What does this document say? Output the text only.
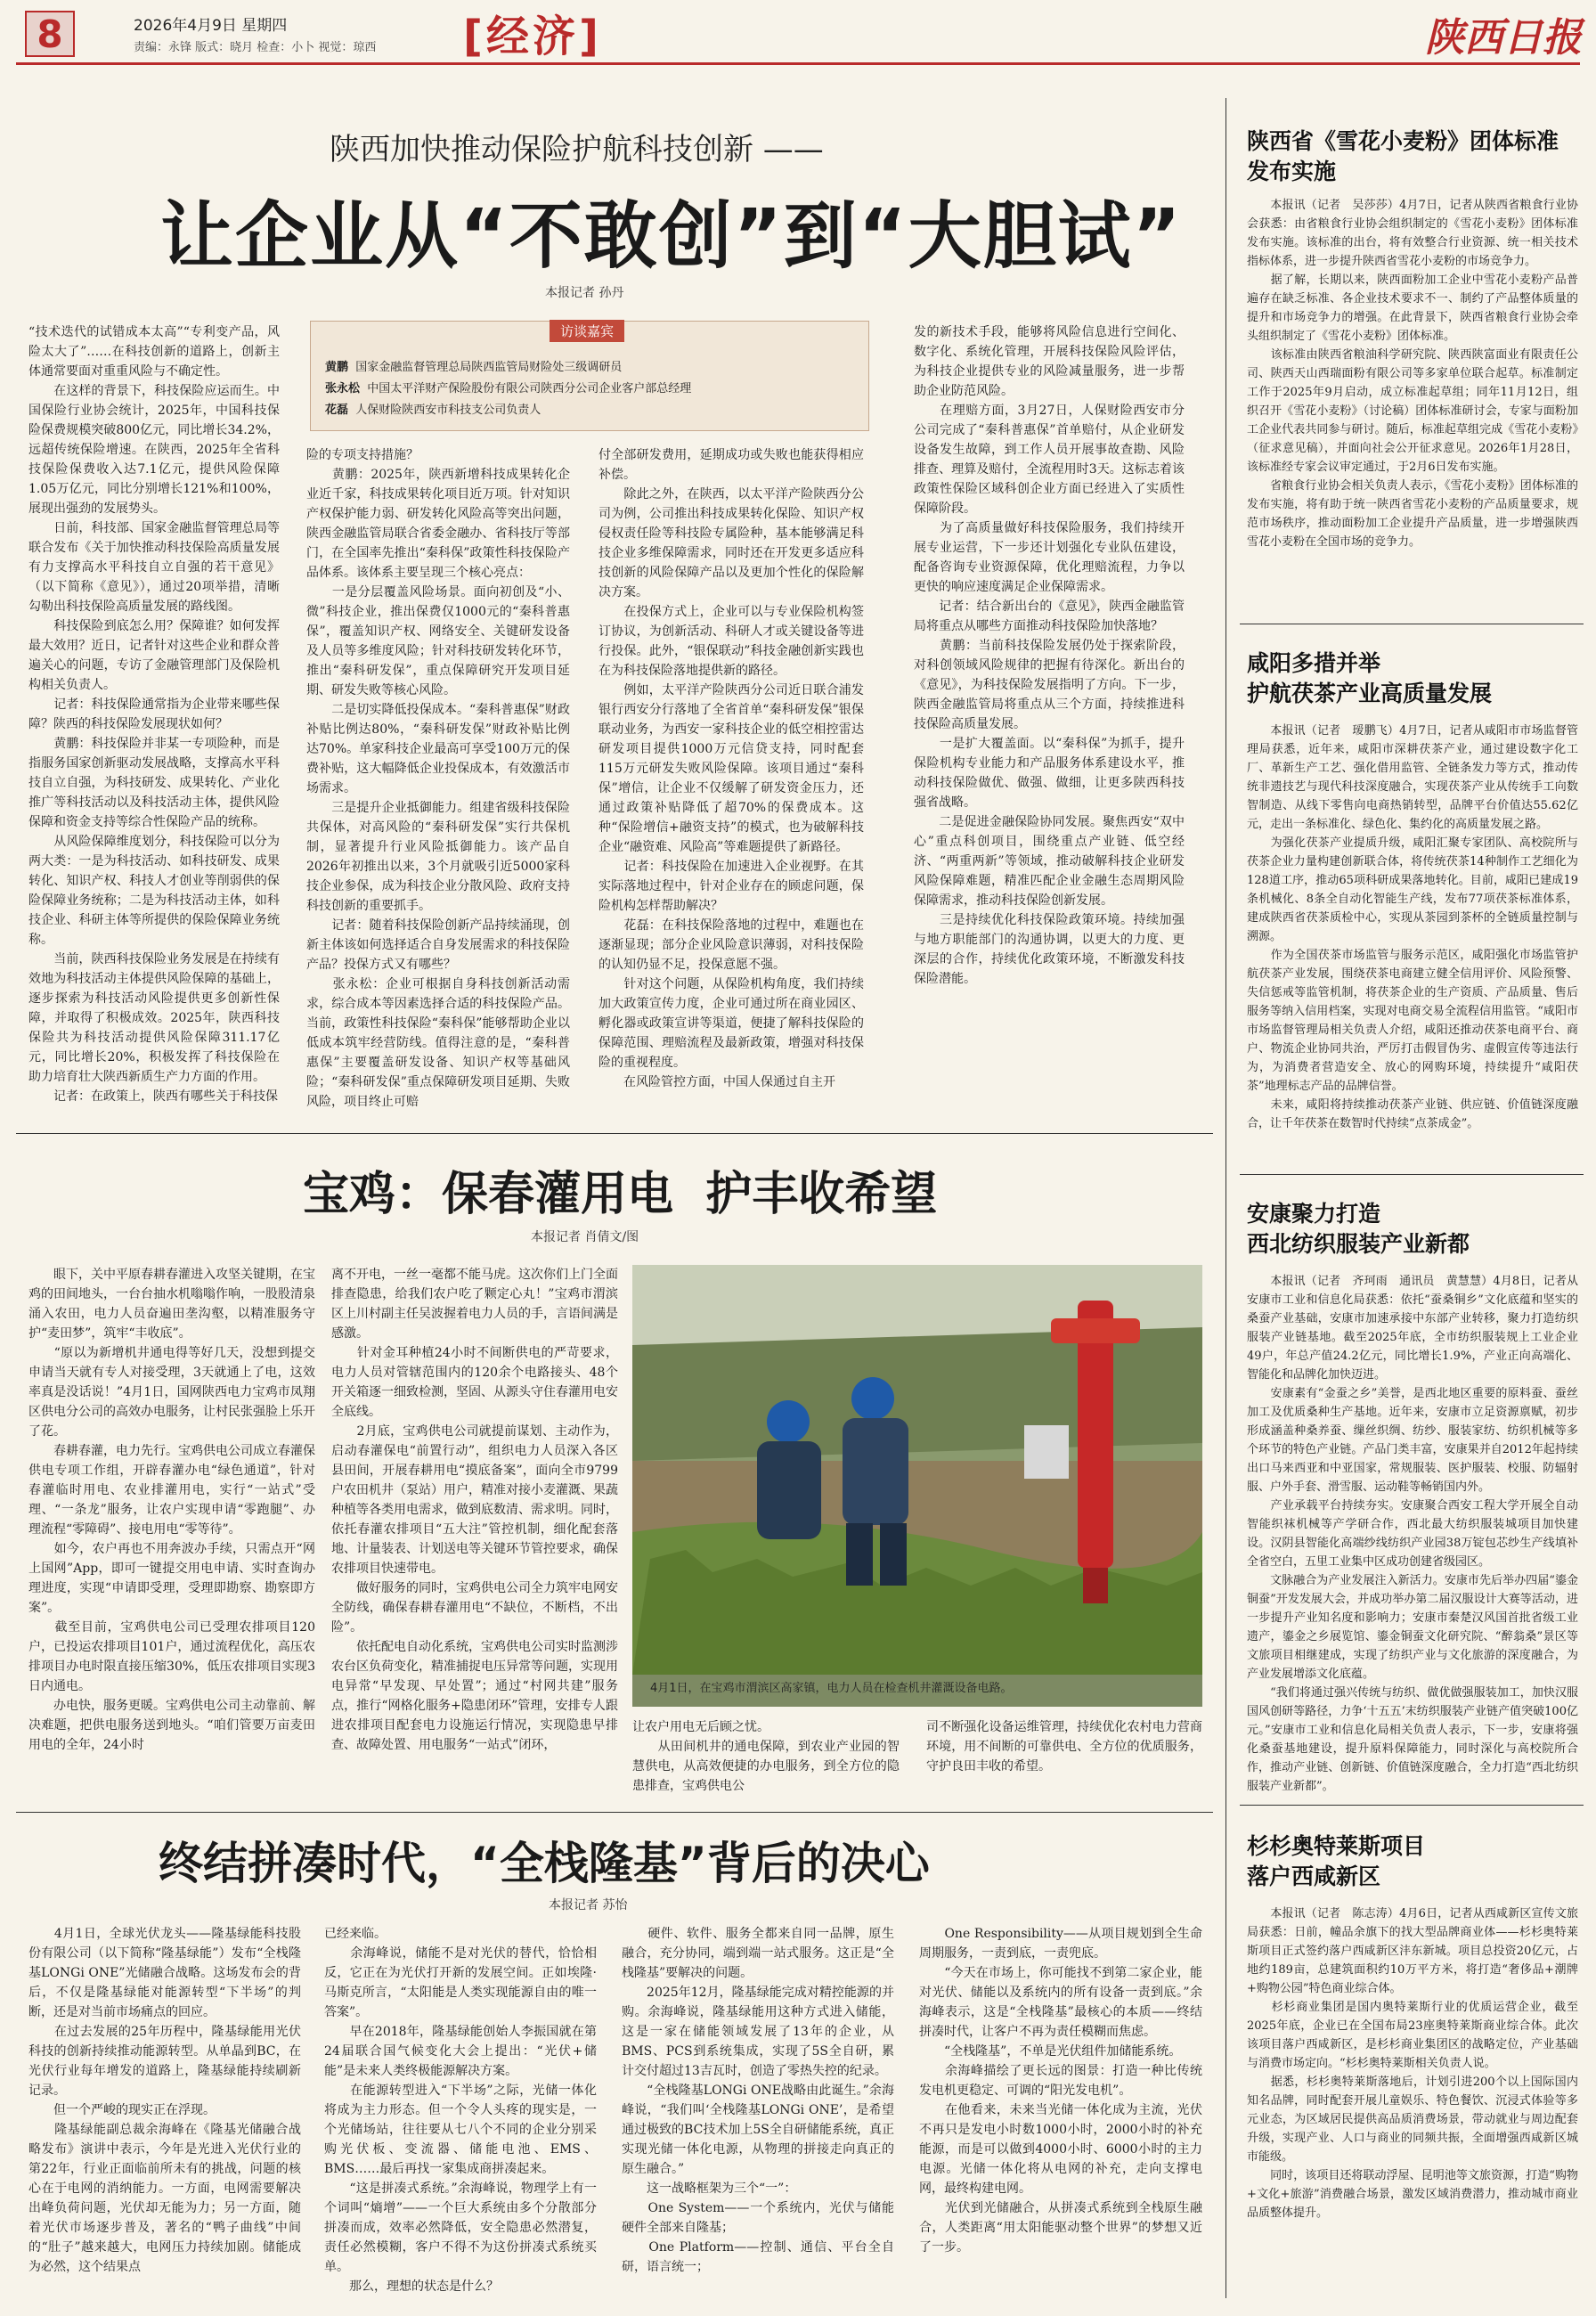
8	2026年4月9日 星期四
责编：永锋 版式：晓月 检查：小卜 视觉：琼西 [经济]	陕西日报
陕西加快推动保险护航科技创新 ——
让企业从“不敢创”到“大胆试”
本报记者 孙丹
“技术迭代的试错成本太高”“专利变产品，风险太大了”……在科技创新的道路上，创新主体通常要面对重重风险与不确定性。
　　在这样的背景下，科技保险应运而生。中国保险行业协会统计，2025年，中国科技保险保费规模突破800亿元，同比增长34.2%，远超传统保险增速。在陕西，2025年全省科技保险保费收入达7.1亿元，提供风险保障1.05万亿元，同比分别增长121%和100%，展现出强劲的发展势头。
　　日前，科技部、国家金融监督管理总局等联合发布《关于加快推动科技保险高质量发展　有力支撑高水平科技自立自强的若干意见》（以下简称《意见》），通过20项举措，清晰勾勒出科技保险高质量发展的路线图。
　　科技保险到底怎么用？保障谁？如何发挥最大效用？近日，记者针对这些企业和群众普遍关心的问题，专访了金融管理部门及保险机构相关负责人。
　　记者：科技保险通常指为企业带来哪些保障？陕西的科技保险发展现状如何？
　　黄鹏：科技保险并非某一专项险种，而是指服务国家创新驱动发展战略，支撑高水平科技自立自强，为科技研发、成果转化、产业化推广等科技活动以及科技活动主体，提供风险保障和资金支持等综合性保险产品的统称。
　　从风险保障维度划分，科技保险可以分为两大类：一是为科技活动、如科技研发、成果转化、知识产权、科技人才创业等削弱供的保险保障业务统称；二是为科技活动主体，如科技企业、科研主体等所提供的保险保障业务统称。
　　当前，陕西科技保险业务发展是在持续有效地为科技活动主体提供风险保障的基础上，逐步探索为科技活动风险提供更多创新性保障，并取得了积极成效。2025年，陕西科技保险共为科技活动提供风险保障311.17亿元，同比增长20%，积极发挥了科技保险在助力培育壮大陕西新质生产力方面的作用。
　　记者：在政策上，陕西有哪些关于科技保
访谈嘉宾
黄鹏 国家金融监督管理总局陕西监管局财险处三级调研员
张永松 中国太平洋财产保险股份有限公司陕西分公司企业客户部总经理
花磊 人保财险陕西安市科技支公司负责人
险的专项支持措施？
　　黄鹏：2025年，陕西新增科技成果转化企业近千家，科技成果转化项目近万项。针对知识产权保护能力弱、研发转化风险高等突出问题，陕西金融监管局联合省委金融办、省科技厅等部门，在全国率先推出“秦科保”政策性科技保险产品体系。该体系主要呈现三个核心亮点：
　　一是分层覆盖风险场景。面向初创及“小、微”科技企业，推出保费仅1000元的“秦科普惠保”，覆盖知识产权、网络安全、关键研发设备及人员等多维度风险；针对科技研发转化环节，推出“秦科研发保”，重点保障研究开发项目延期、研发失败等核心风险。
　　二是切实降低投保成本。“秦科普惠保”财政补贴比例达80%，“秦科研发保”财政补贴比例达70%。单家科技企业最高可享受100万元的保费补贴，这大幅降低企业投保成本，有效激活市场需求。
　　三是提升企业抵御能力。组建省级科技保险共保体，对高风险的“秦科研发保”实行共保机制，显著提升行业风险抵御能力。该产品自2026年初推出以来，3个月就吸引近5000家科技企业参保，成为科技企业分散风险、政府支持科技创新的重要抓手。
　　记者：随着科技保险创新产品持续涌现，创新主体该如何选择适合自身发展需求的科技保险产品？投保方式又有哪些？
　　张永松：企业可根据自身科技创新活动需求，综合成本等因素选择合适的科技保险产品。当前，政策性科技保险“秦科保”能够帮助企业以低成本筑牢经营防线。值得注意的是，“秦科普惠保”主要覆盖研发设备、知识产权等基础风险；“秦科研发保”重点保障研发项目延期、失败风险，项目终止可赔
付全部研发费用，延期成功或失败也能获得相应补偿。
　　除此之外，在陕西，以太平洋产险陕西分公司为例，公司推出科技成果转化保险、知识产权侵权责任险等科技险专属险种，基本能够满足科技企业多维保障需求，同时还在开发更多适应科技创新的风险保障产品以及更加个性化的保险解决方案。
　　在投保方式上，企业可以与专业保险机构签订协议，为创新活动、科研人才或关键设备等进行投保。此外，“银保联动”科技金融创新实践也在为科技保险落地提供新的路径。
　　例如，太平洋产险陕西分公司近日联合浦发银行西安分行落地了全省首单“秦科研发保”银保联动业务，为西安一家科技企业的低空相控雷达研发项目提供1000万元信贷支持，同时配套115万元研发失败风险保障。该项目通过“秦科保”增信，让企业不仅缓解了研发资金压力，还通过政策补贴降低了超70%的保费成本。这种“保险增信+融资支持”的模式，也为破解科技企业“融资难、风险高”等难题提供了新路径。
　　记者：科技保险在加速进入企业视野。在其实际落地过程中，针对企业存在的顾虑问题，保险机构怎样帮助解决？
　　花磊：在科技保险落地的过程中，难题也在逐渐显现；部分企业风险意识薄弱，对科技保险的认知仍显不足，投保意愿不强。
　　针对这个问题，从保险机构角度，我们持续加大政策宣传力度，企业可通过所在商业园区、孵化器或政策宣讲等渠道，便捷了解科技保险的保障范围、理赔流程及最新政策，增强对科技保险的重视程度。
　　在风险管控方面，中国人保通过自主开
发的新技术手段，能够将风险信息进行空间化、数字化、系统化管理，开展科技保险风险评估，为科技企业提供专业的风险减量服务，进一步帮助企业防范风险。
　　在理赔方面，3月27日，人保财险西安市分公司完成了“秦科普惠保”首单赔付，从企业研发设备发生故障，到工作人员开展事故查勘、风险排查、理算及赔付，全流程用时3天。这标志着该政策性保险区域科创企业方面已经进入了实质性保障阶段。
　　为了高质量做好科技保险服务，我们持续开展专业运营，下一步还计划强化专业队伍建设，配备咨询专业资源保障，优化理赔流程，力争以更快的响应速度满足企业保障需求。
　　记者：结合新出台的《意见》，陕西金融监管局将重点从哪些方面推动科技保险加快落地？
　　黄鹏：当前科技保险发展仍处于探索阶段，对科创领域风险规律的把握有待深化。新出台的《意见》，为科技保险发展指明了方向。下一步，陕西金融监管局将重点从三个方面，持续推进科技保险高质量发展。
　　一是扩大覆盖面。以“秦科保”为抓手，提升保险机构专业能力和产品服务体系建设水平，推动科技保险做优、做强、做细，让更多陕西科技强省战略。
　　二是促进金融保险协同发展。聚焦西安“双中心”重点科创项目，围绕重点产业链、低空经济、“两重两新”等领域，推动破解科技企业研发风险保障难题，精准匹配企业金融生态周期风险保障需求，推动科技保险创新发展。
　　三是持续优化科技保险政策环境。持续加强与地方职能部门的沟通协调，以更大的力度、更深层的合作，持续优化政策环境，不断激发科技保险潜能。
陕西省《雪花小麦粉》团体标准发布实施
　　本报讯（记者　吴莎莎）4月7日，记者从陕西省粮食行业协会获悉：由省粮食行业协会组织制定的《雪花小麦粉》团体标准发布实施。该标准的出台，将有效整合行业资源、统一相关技术指标体系，进一步提升陕西省雪花小麦粉的市场竞争力。
　　据了解，长期以来，陕西面粉加工企业中雪花小麦粉产品普遍存在缺乏标准、各企业技术要求不一、制约了产品整体质量的提升和市场竞争力的增强。在此背景下，陕西省粮食行业协会牵头组织制定了《雪花小麦粉》团体标准。
　　该标准由陕西省粮油科学研究院、陕西陕富面业有限责任公司、陕西天山西瑞面粉有限公司等多家单位联合起草。标准制定工作于2025年9月启动，成立标准起草组；同年11月12日，组织召开《雪花小麦粉》（讨论稿）团体标准研讨会，专家与面粉加工企业代表共同参与研讨。随后，标准起草组完成《雪花小麦粉》（征求意见稿），并面向社会公开征求意见。2026年1月28日，该标准经专家会议审定通过，于2月6日发布实施。
　　省粮食行业协会相关负责人表示，《雪花小麦粉》团体标准的发布实施，将有助于统一陕西省雪花小麦粉的产品质量要求，规范市场秩序，推动面粉加工企业提升产品质量，进一步增强陕西雪花小麦粉在全国市场的竞争力。
咸阳多措并举
护航茯茶产业高质量发展
　　本报讯（记者　瑷鹏飞）4月7日，记者从咸阳市市场监督管理局获悉，近年来，咸阳市深耕茯茶产业，通过建设数字化工厂、革新生产工艺、强化借用监管、全链条发力等方式，推动传统非遗技艺与现代科技深度融合，实现茯茶产业从传统手工向数智制造、从线下零售向电商热销转型，品牌平台价值达55.62亿元，走出一条标准化、绿色化、集约化的高质量发展之路。
　　为强化茯茶产业提质升级，咸阳汇聚专家团队、高校院所与茯茶企业力量构建创新联合体，将传统茯茶14种制作工艺细化为128道工序，推动65项科研成果落地转化。目前，咸阳已建成19条机械化、8条全自动化智能生产线，发布77项茯茶标准体系，建成陕西省茯茶质检中心，实现从茶园到茶杯的全链质量控制与溯源。
　　作为全国茯茶市场监管与服务示范区，咸阳强化市场监管护航茯茶产业发展，围绕茯茶电商建立健全信用评价、风险预警、失信惩戒等监管机制，将茯茶企业的生产资质、产品质量、售后服务等纳入信用档案，实现对电商交易全流程信用监管。“咸阳市市场监督管理局相关负责人介绍，咸阳还推动茯茶电商平台、商户、物流企业协同共治，严厉打击假冒伪劣、虚假宣传等违法行为，为消费者营造安全、放心的网购环境，持续提升“咸阳茯茶”地理标志产品的品牌信誉。
　　未来，咸阳将持续推动茯茶产业链、供应链、价值链深度融合，让千年茯茶在数智时代持续“点茶成金”。
安康聚力打造
西北纺织服装产业新都
　　本报讯（记者　齐珂雨　通讯员　黄慧慧）4月8日，记者从安康市工业和信息化局获悉：依托“蚕桑铜乡”文化底蕴和坚实的桑蚕产业基础，安康市加速承接中东部产业转移，聚力打造纺织服装产业链基地。截至2025年底，全市纺织服装规上工业企业49户，年总产值24.2亿元，同比增长1.9%，产业正向高端化、智能化和品牌化加快迈进。
　　安康素有“金蚕之乡”美誉，是西北地区重要的原料蚕、蚕丝加工及优质桑种生产基地。近年来，安康市立足资源禀赋，初步形成涵盖种桑养蚕、缫丝织绸、纺纱、服装家纺、纺织机械等多个环节的特色产业链。产品门类丰富，安康果并自2012年起持续出口马来西亚和中亚国家，常规服装、医护服装、校服、防辐射服、户外手套、滑雪服、运动鞋等畅销国内外。
　　产业承载平台持续夯实。安康聚合西安工程大学开展全自动智能织袜机械等产学研合作，西北最大纺织服装城项目加快建设。汉阴县智能化高端纱线纺织产业园38万锭包芯纱生产线填补全省空白，五里工业集中区成功创建省级园区。
　　文脉融合为产业发展注入新活力。安康市先后举办四届“鎏金铜蚕”开发发展大会，并成功举办第二届汉服设计大赛等活动，进一步提升产业知名度和影响力；安康市秦楚汉风国首批省级工业遗产，鎏金之乡展览馆、鎏金铜蚕文化研究院、“醉翁桑”景区等文旅项目相继建成，实现了纺织产业与文化旅游的深度融合，为产业发展增添文化底蕴。
　　“我们将通过强兴传统与纺织、做优做强服装加工，加快汉服国风创研等路径，力争‘十五五’末纺织服装产业链产值突破100亿元。”安康市工业和信息化局相关负责人表示，下一步，安康将强化桑蚕基地建设，提升原料保障能力，同时深化与高校院所合作，推动产业链、创新链、价值链深度融合，全力打造“西北纺织服装产业新都”。
杉杉奥特莱斯项目
落户西咸新区
　　本报讯（记者　陈志涛）4月6日，记者从西咸新区宣传文旅局获悉：日前，幢品余旗下的找大型品牌商业体——杉杉奥特莱斯项目正式签约落户西咸新区沣东新城。项目总投资20亿元，占地约189亩，总建筑面积约10万平方米，将打造“奢侈品+潮牌+购物公园”特色商业综合体。
　　杉杉商业集团是国内奥特莱斯行业的优质运营企业，截至2025年底，企业已在全国布局23座奥特莱斯商业综合体。此次该项目落户西咸新区，是杉杉商业集团区的战略定位，产业基础与消费市场定向。“杉杉奥特莱斯相关负责人说。
　　据悉，杉杉奥特莱斯落地后，计划引进200个以上国际国内知名品牌，同时配套开展儿童娱乐、特色餐饮、沉浸式体验等多元业态，为区域居民提供高品质消费场景，带动就业与周边配套升级，实现产业、人口与商业的同频共振，全面增强西咸新区城市能级。
　　同时，该项目还将联动浮屋、昆明池等文旅资源，打造“购物+文化+旅游”消费融合场景，激发区域消费潜力，推动城市商业品质整体提升。
宝鸡：保春灌用电  护丰收希望
本报记者 肖倩文/图
　　眼下，关中平原春耕春灌进入攻坚关键期，在宝鸡的田间地头，一台台抽水机嗡嗡作响，一股股清泉涌入农田，电力人员奋遍田垄沟壑，以精准服务守护“麦田梦”，筑牢“丰收底”。
　　“原以为新增机井通电得等好几天，没想到提交申请当天就有专人对接受理，3天就通上了电，这效率真是没话说！”4月1日，国网陕西电力宝鸡市凤翔区供电分公司的高效办电服务，让村民张强脸上乐开了花。
　　春耕春灌，电力先行。宝鸡供电公司成立春灌保供电专项工作组，开辟春灌办电“绿色通道”，针对春灌临时用电、农业排灌用电，实行“一站式”受理、“一条龙”服务，让农户实现申请“零跑腿”、办理流程“零障碍”、接电用电“零等待”。
　　如今，农户再也不用奔波办手续，只需点开“网上国网”App，即可一键提交用电申请、实时查询办理进度，实现“申请即受理，受理即勘察、勘察即方案”。
　　截至目前，宝鸡供电公司已受理农排项目120户，已投运农排项目101户，通过流程优化，高压农排项目办电时限直接压缩30%，低压农排项目实现3日内通电。
　　办电快，服务更暖。宝鸡供电公司主动靠前、解决难题，把供电服务送到地头。“咱们管要万亩麦田用电的全年，24小时
离不开电，一丝一毫都不能马虎。这次你们上门全面排查隐患，给我们农户吃了颗定心丸！”宝鸡市渭滨区上川村副主任吴波握着电力人员的手，言语间满是感激。
　　针对金耳种植24小时不间断供电的严苛要求，电力人员对管辖范围内的120余个电路接头、48个开关箱逐一细致检测，坚固、从源头守住春灌用电安全底线。
　　2月底，宝鸡供电公司就提前谋划、主动作为，启动春灌保电“前置行动”，组织电力人员深入各区县田间，开展春耕用电“摸底备案”，面向全市9799户农田机井（泵站）用户，精准对接小麦灌溉、果蔬种植等各类用电需求，做到底数清、需求明。同时，依托春灌农排项目“五大注”管控机制，细化配套落地、计量装表、计划送电等关键环节管控要求，确保农排项目快速带电。
　　做好服务的同时，宝鸡供电公司全力筑牢电网安全防线，确保春耕春灌用电“不缺位，不断档，不出险”。
　　依托配电自动化系统，宝鸡供电公司实时监测涉农台区负荷变化，精准捕捉电压异常等问题，实现用电异常“早发现、早处置”；通过“村网共建”服务点，推行“网格化服务+隐患闭环”管理，安排专人跟进农排项目配套电力设施运行情况，实现隐患早排查、故障处置、用电服务“一站式”闭环，
4月1日，在宝鸡市渭滨区高家镇，电力人员在检查机井灌溉设备电路。
让农户用电无后顾之忧。
　　从田间机井的通电保障，到农业产业园的智慧供电，从高效便捷的办电服务，到全方位的隐患排查，宝鸡供电公
司不断强化设备运维管理，持续优化农村电力营商环境，用不间断的可靠供电、全方位的优质服务，守护良田丰收的希望。
终结拼凑时代，“全栈隆基”背后的决心
本报记者 苏怡
　　4月1日，全球光伏龙头——隆基绿能科技股份有限公司（以下简称“隆基绿能”）发布“全栈隆基LONGi ONE”光储融合战略。这场发布会的背后，不仅是隆基绿能对能源转型“下半场”的判断，还是对当前市场痛点的回应。
　　在过去发展的25年历程中，隆基绿能用光伏科技的创新持续推动能源转型。从单晶到BC，在光伏行业每年增发的道路上，隆基绿能持续刷新记录。
　　但一个严峻的现实正在浮现。
　　隆基绿能副总裁余海峰在《隆基光储融合战略发布》演讲中表示，今年是光进入光伏行业的第22年，行业正面临前所未有的挑战，问题的核心在于电网的消纳能力。一方面，电网需要解决出峰负荷问题，光伏却无能为力；另一方面，随着光伏市场逐步普及，著名的“鸭子曲线”中间的“肚子”越来越大，电网压力持续加剧。储能成为必然，这个结果点
已经来临。
　　余海峰说，储能不是对光伏的替代，恰恰相反，它正在为光伏打开新的发展空间。正如埃隆·马斯克所言，“太阳能是人类实现能源自由的唯一答案”。
　　早在2018年，隆基绿能创始人李振国就在第24届联合国气候变化大会上提出：“光伏+储能”是未来人类终极能源解决方案。
　　在能源转型进入“下半场”之际，光储一体化将成为主力形态。但一个令人头疼的现实是，一个光储场站，往往要从七八个不同的企业分别采购光伏板、变流器、储能电池、EMS、BMS……最后再找一家集成商拼凑起来。
　　“这是拼凑式系统。”余海峰说，物理学上有一个词叫“熵增”——一个巨大系统由多个分散部分拼凑而成，效率必然降低，安全隐患必然潜复，责任必然模糊，客户不得不为这份拼凑式系统买单。
　　那么，理想的状态是什么？
　　硬件、软件、服务全都来自同一品牌，原生融合，充分协同，端到端一站式服务。这正是“全栈隆基”要解决的问题。
　　2025年12月，隆基绿能完成对精控能源的并购。余海峰说，隆基绿能用这种方式进入储能，这是一家在储能领域发展了13年的企业，从BMS、PCS到系统集成，实现了5S全自研，累计交付超过13吉瓦时，创造了零热失控的纪录。
　　“全栈隆基LONGi ONE战略由此诞生。”余海峰说，“我们叫‘全栈隆基LONGi ONE’，是希望通过极致的BC技术加上5S全自研储能系统，真正实现光储一体化电源，从物理的拼接走向真正的原生融合。”
　　这一战略框架为三个“一”：
　　One System——一个系统内，光伏与储能硬件全部来自隆基；
　　One Platform——控制、通信、平台全自研，语言统一；
　　One Responsibility——从项目规划到全生命周期服务，一责到底，一责兜底。
　　“今天在市场上，你可能找不到第二家企业，能对光伏、储能以及系统内的所有设备一责到底。”余海峰表示，这是“全栈隆基”最核心的本质——终结拼凑时代，让客户不再为责任模糊而焦虑。
　　“全栈隆基”，不单是光伏组件加储能系统。
　　余海峰描绘了更长远的图景：打造一种比传统发电机更稳定、可调的“阳光发电机”。
　　在他看来，未来当光储一体化成为主流，光伏不再只是发电小时数1000小时，2000小时的补充能源，而是可以做到4000小时、6000小时的主力电源。光储一体化将从电网的补充，走向支撑电网，最终构建电网。
　　光伏到光储融合，从拼凑式系统到全栈原生融合，人类距离“用太阳能驱动整个世界”的梦想又近了一步。
